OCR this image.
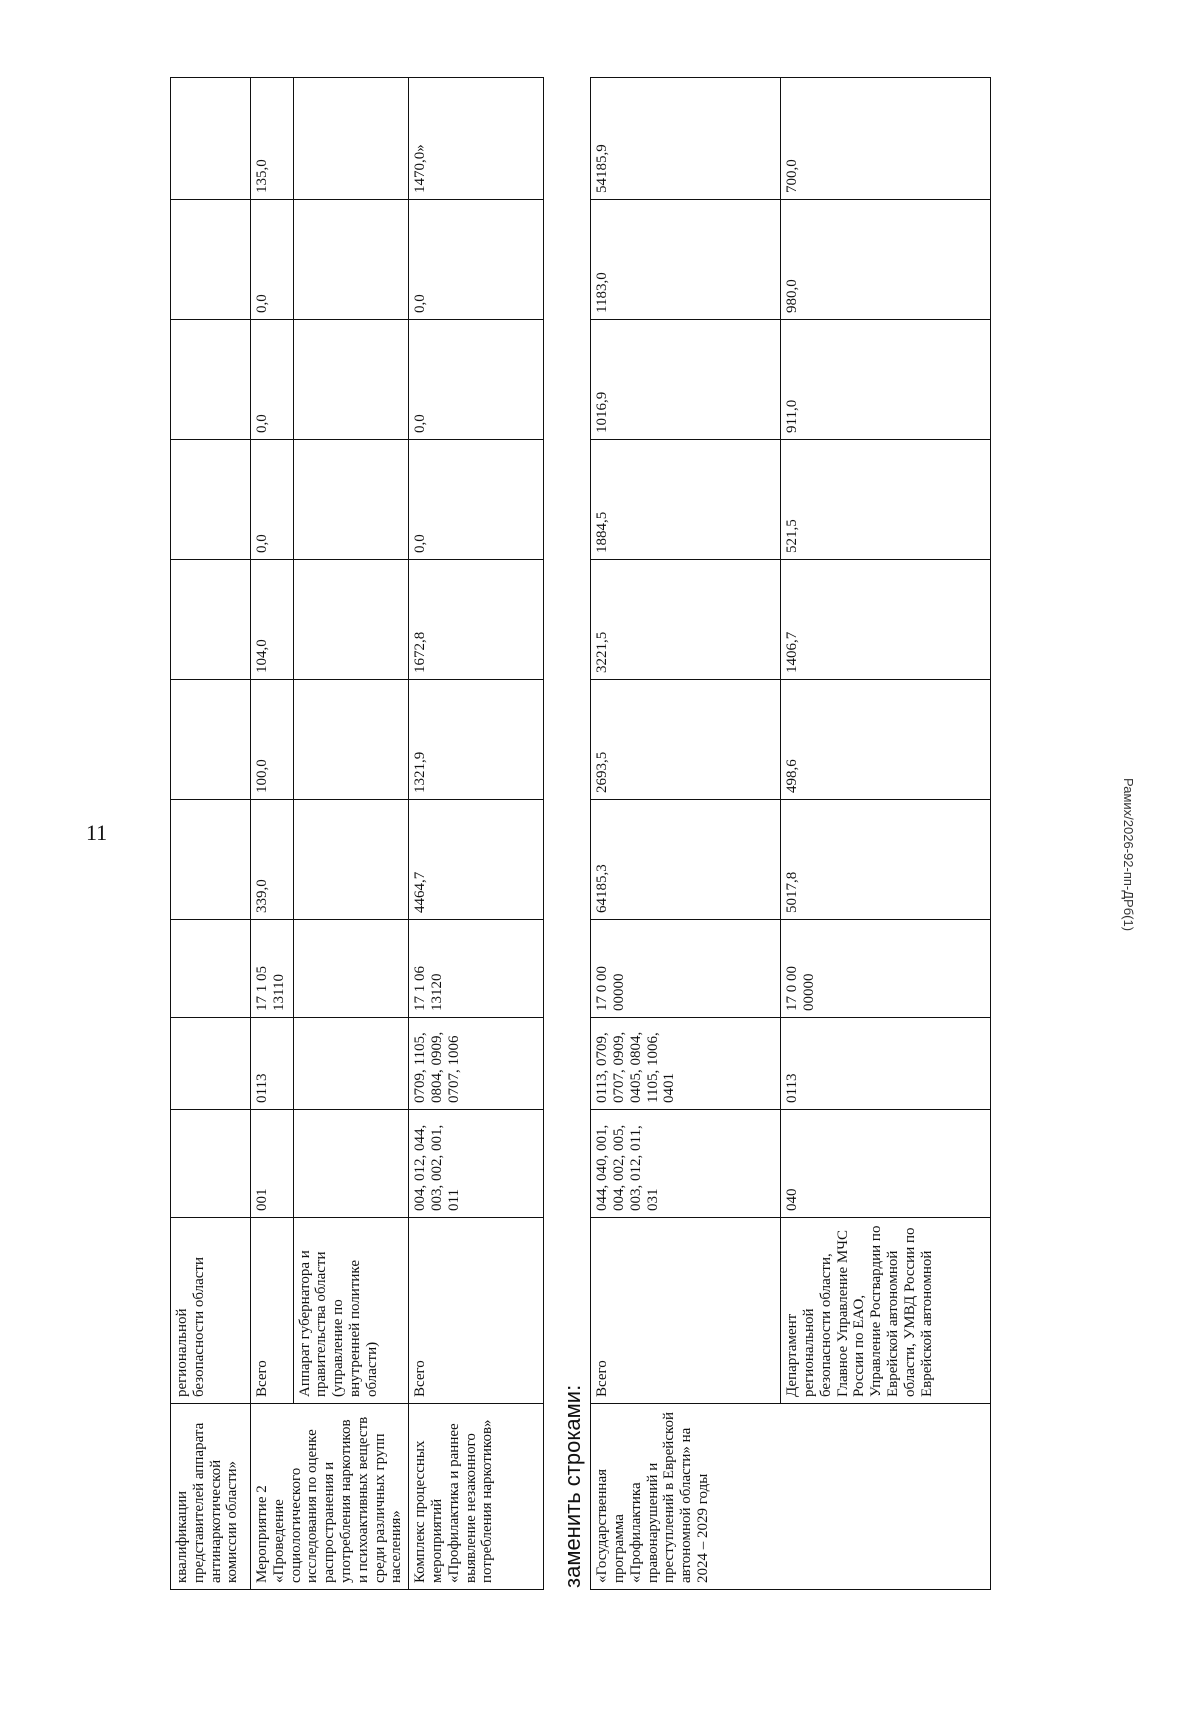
11	Рамиx/2026-92-пп-ДРб(1)
квалификации представителей аппарата антинаркотической комиссии области»	региональной безопасности области										
Мероприятие 2 «Проведение социологического исследования по оценке распространения и употребления наркотиков и психоактивных веществ среди различных групп населения»	Всего	001	0113	17 1 05 13110	339,0	100,0	104,0	0,0	0,0	0,0	135,0
	Аппарат губернатора и правительства области (управление по внутренней политике области)										
Комплекс процессных мероприятий «Профилактика и раннее выявление незаконного потребления наркотиков»	Всего	004, 012, 044, 003, 002, 001, 011	0709, 1105, 0804, 0909, 0707, 1006	17 1 06 13120	4464,7	1321,9	1672,8	0,0	0,0	0,0	1470,0»
заменить строками: «Государственная программа «Профилактика правонарушений и преступлений в Еврейской автономной области» на 2024 – 2029 годы	Всего	044, 040, 001, 004, 002, 005, 003, 012, 011, 031	0113, 0709, 0707, 0909, 0405, 0804, 1105, 1006, 0401	17 0 00 00000	64185,3	2693,5	3221,5	1884,5	1016,9	1183,0	54185,9
	Департамент региональной безопасности области, Главное Управление МЧС России по ЕАО, Управление Росгвардии по Еврейской автономной области, УМВД России по Еврейской автономной	040	0113	17 0 00 00000	5017,8	498,6	1406,7	521,5	911,0	980,0	700,0
